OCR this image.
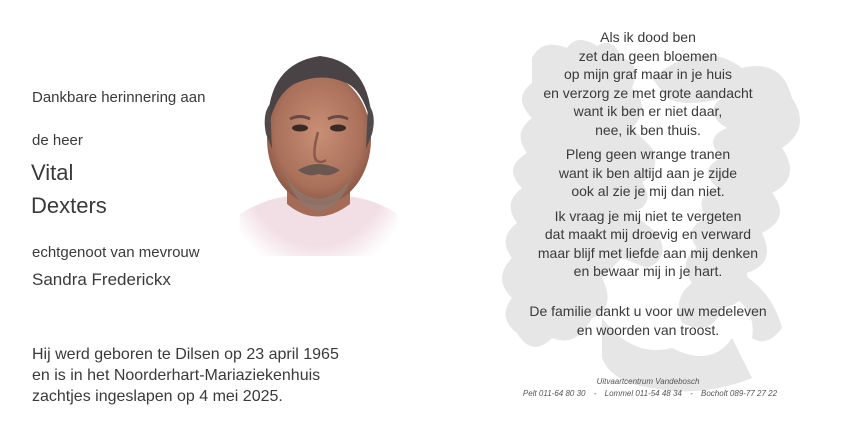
Dankbare herinnering aan
de heer
Vital
Dexters
echtgenoot van mevrouw
Sandra Frederickx
Hij werd geboren te Dilsen op 23 april 1965
en is in het Noorderhart-Mariaziekenhuis
zachtjes ingeslapen op 4 mei 2025.
Als ik dood ben
zet dan geen bloemen
op mijn graf maar in je huis
en verzorg ze met grote aandacht
want ik ben er niet daar,
nee, ik ben thuis.
Pleng geen wrange tranen
want ik ben altijd aan je zijde
ook al zie je mij dan niet.
Ik vraag je mij niet te vergeten
dat maakt mij droevig en verward
maar blijf met liefde aan mij denken
en bewaar mij in je hart.
De familie dankt u voor uw medeleven
en woorden van troost.
Uitvaartcentrum Vandebosch
Pelt 011-64 80 30 - Lommel 011-54 48 34 - Bocholt 089-77 27 22
